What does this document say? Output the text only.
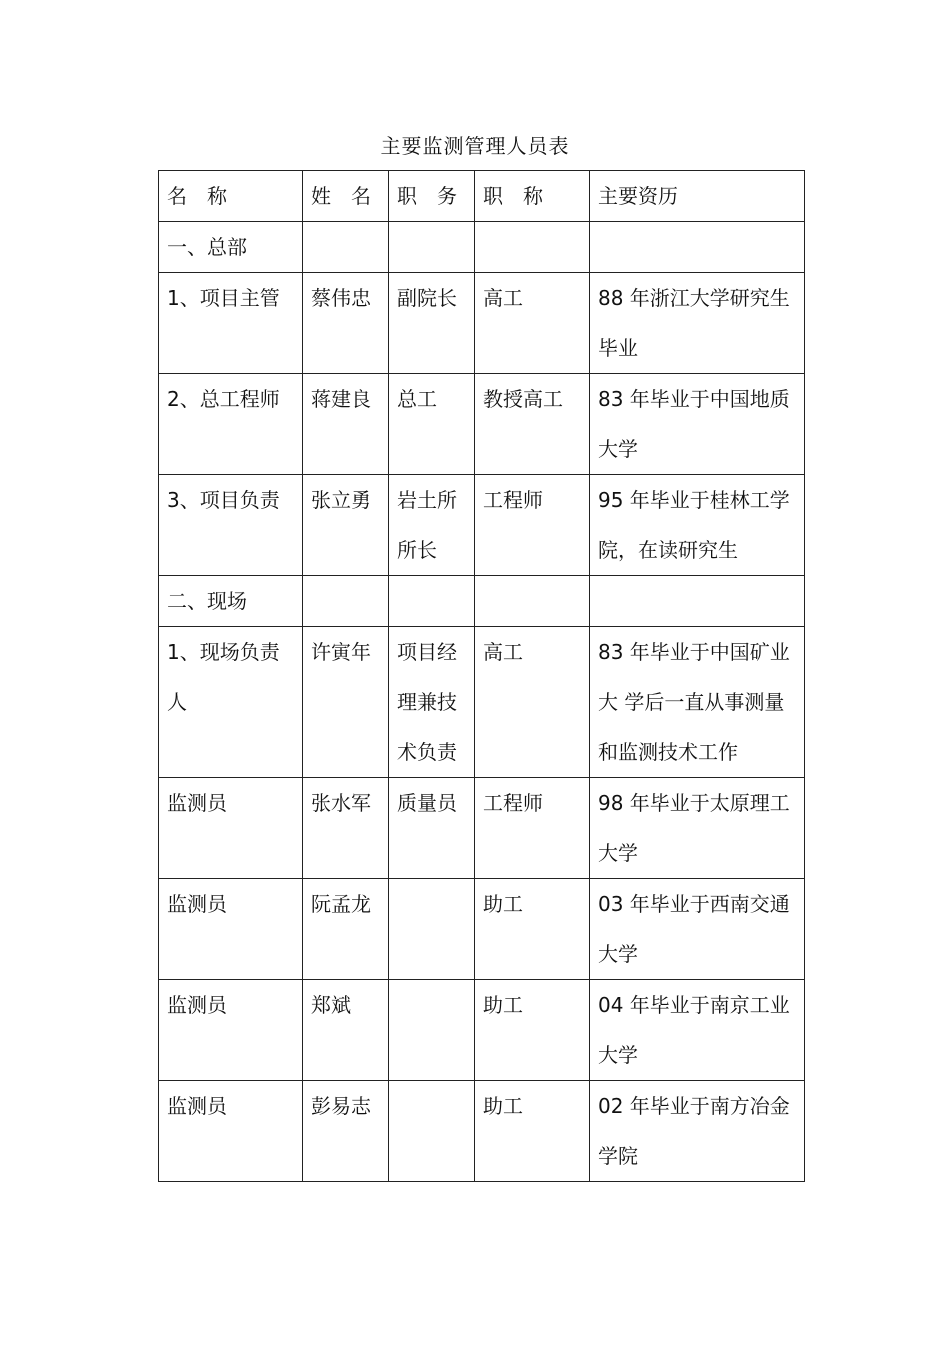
主要监测管理人员表
名　称	姓　名	职　务	职　称	主要资历

一、总部				

1、项目主管	蔡伟忠	副院长	高工	88 年浙江大学研究生毕业

2、总工程师	蒋建良	总工	教授高工	83 年毕业于中国地质大学

3、项目负责	张立勇	岩土所所长	工程师	95 年毕业于桂林工学院，在读研究生

二、现场				

1、现场负责人	许寅年	项目经理兼技术负责	高工	83 年毕业于中国矿业大 学后一直从事测量 和监测技术工作

监测员	张水军	质量员	工程师	98 年毕业于太原理工大学

监测员	阮孟龙		助工	03 年毕业于西南交通大学

监测员	郑斌		助工	04 年毕业于南京工业大学

监测员	彭易志		助工	02 年毕业于南方冶金学院
